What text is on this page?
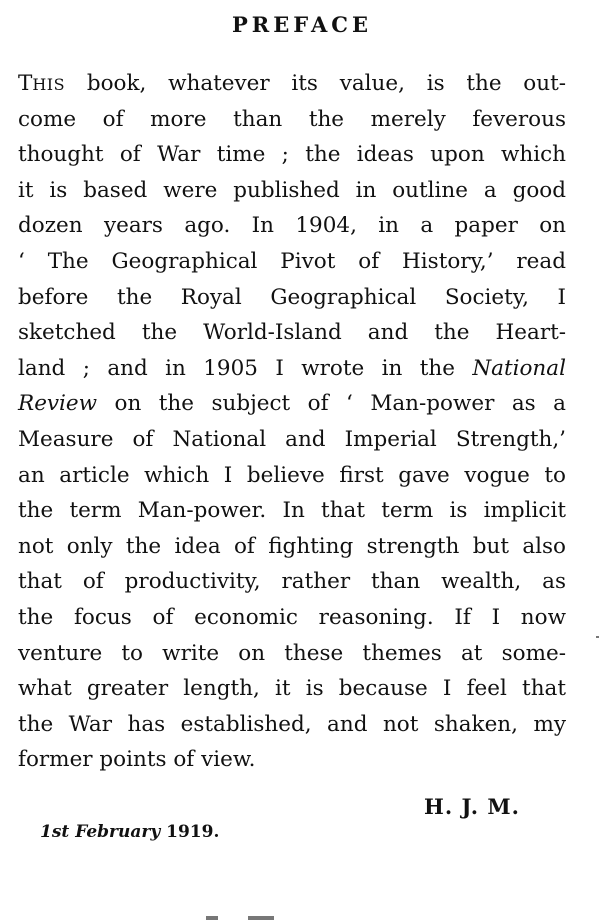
PREFACE
THIS book, whatever its value, is the out-
come of more than the merely feverous
thought of War time ; the ideas upon which
it is based were published in outline a good
dozen years ago. In 1904, in a paper on
‘ The Geographical Pivot of History,’ read
before the Royal Geographical Society, I
sketched the World-Island and the Heart-
land ; and in 1905 I wrote in the National
Review on the subject of ‘ Man-power as a
Measure of National and Imperial Strength,’
an article which I believe first gave vogue to
the term Man-power. In that term is implicit
not only the idea of fighting strength but also
that of productivity, rather than wealth, as
the focus of economic reasoning. If I now
venture to write on these themes at some-
what greater length, it is because I feel that
the War has established, and not shaken, my
former points of view.
H. J. M.
1st February 1919.
